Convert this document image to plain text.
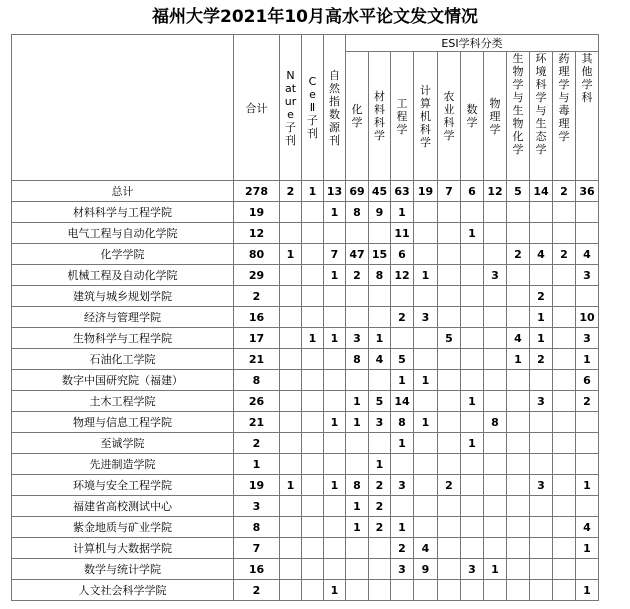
福州大学2021年10月高水平论文发文情况
	合计	Nature子刊	CeⅡ子刊	自然指数源刊	ESI学科分类										
					化学	材料科学	工程学	计算机科学	农业科学	数学	物理学	生物学与生物化学	环境科学与生态学	药理学与毒理学	其他学科
总计	278	2	1	13	69	45	63	19	7	6	12	5	14	2	36
材料科学与工程学院	19			1	8	9	1								
电气工程与自动化学院	12						11			1					
化学学院	80	1		7	47	15	6					2	4	2	4
机械工程及自动化学院	29			1	2	8	12	1			3				3
建筑与城乡规划学院	2												2		
经济与管理学院	16						2	3					1		10
生物科学与工程学院	17		1	1	3	1			5			4	1		3
石油化工学院	21				8	4	5					1	2		1
数字中国研究院（福建）	8						1	1							6
土木工程学院	26				1	5	14			1			3		2
物理与信息工程学院	21			1	1	3	8	1			8				
至诚学院	2						1			1					
先进制造学院	1					1									
环境与安全工程学院	19	1		1	8	2	3		2				3		1
福建省高校测试中心	3				1	2									
紫金地质与矿业学院	8				1	2	1								4
计算机与大数据学院	7						2	4							1
数学与统计学院	16						3	9		3	1				
人文社会科学学院	2			1											1
